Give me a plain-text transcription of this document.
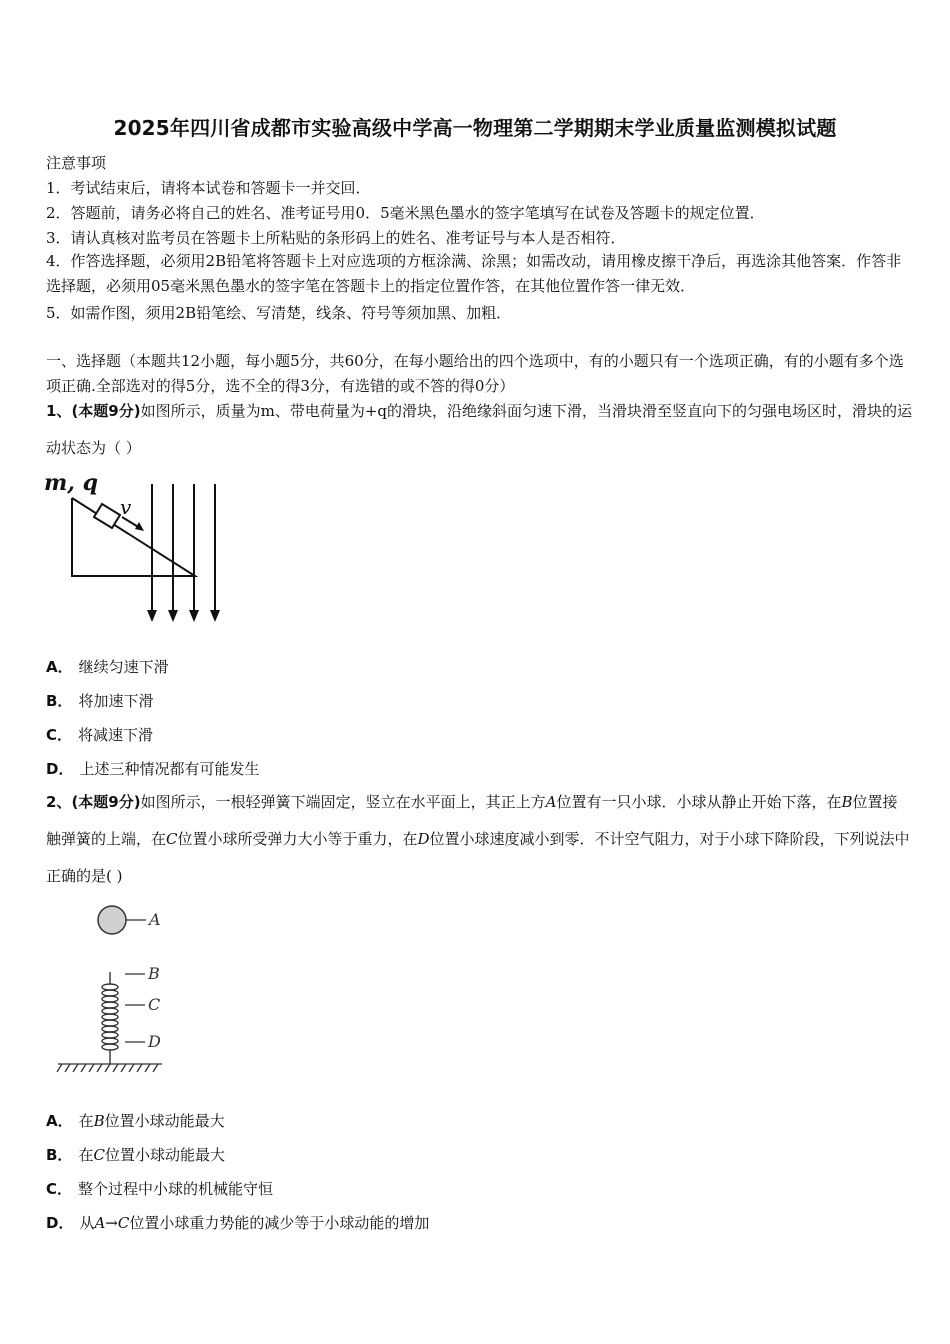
2025年四川省成都市实验高级中学高一物理第二学期期末学业质量监测模拟试题
注意事项
1．考试结束后，请将本试卷和答题卡一并交回．
2．答题前，请务必将自己的姓名、准考证号用0．5毫米黑色墨水的签字笔填写在试卷及答题卡的规定位置．
3．请认真核对监考员在答题卡上所粘贴的条形码上的姓名、准考证号与本人是否相符．
4．作答选择题，必须用2B铅笔将答题卡上对应选项的方框涂满、涂黑；如需改动，请用橡皮擦干净后，再选涂其他答案．作答非选择题，必须用05毫米黑色墨水的签字笔在答题卡上的指定位置作答，在其他位置作答一律无效．
5．如需作图，须用2B铅笔绘、写清楚，线条、符号等须加黑、加粗．
一、选择题（本题共12小题，每小题5分，共60分，在每小题给出的四个选项中，有的小题只有一个选项正确，有的小题有多个选项正确.全部选对的得5分，选不全的得3分，有选错的或不答的得0分）
1、(本题9分)如图所示，质量为m、带电荷量为+q的滑块，沿绝缘斜面匀速下滑，当滑块滑至竖直向下的匀强电场区时，滑块的运动状态为（ ）
m, q
v
A． 继续匀速下滑
B． 将加速下滑
C． 将减速下滑
D． 上述三种情况都有可能发生
2、(本题9分)如图所示，一根轻弹簧下端固定，竖立在水平面上，其正上方A位置有一只小球．小球从静止开始下落，在B位置接触弹簧的上端，在C位置小球所受弹力大小等于重力，在D位置小球速度减小到零．不计空气阻力，对于小球下降阶段，下列说法中正确的是( )
A
B
C
D
A． 在B位置小球动能最大
B． 在C位置小球动能最大
C． 整个过程中小球的机械能守恒
D． 从A→C位置小球重力势能的减少等于小球动能的增加
